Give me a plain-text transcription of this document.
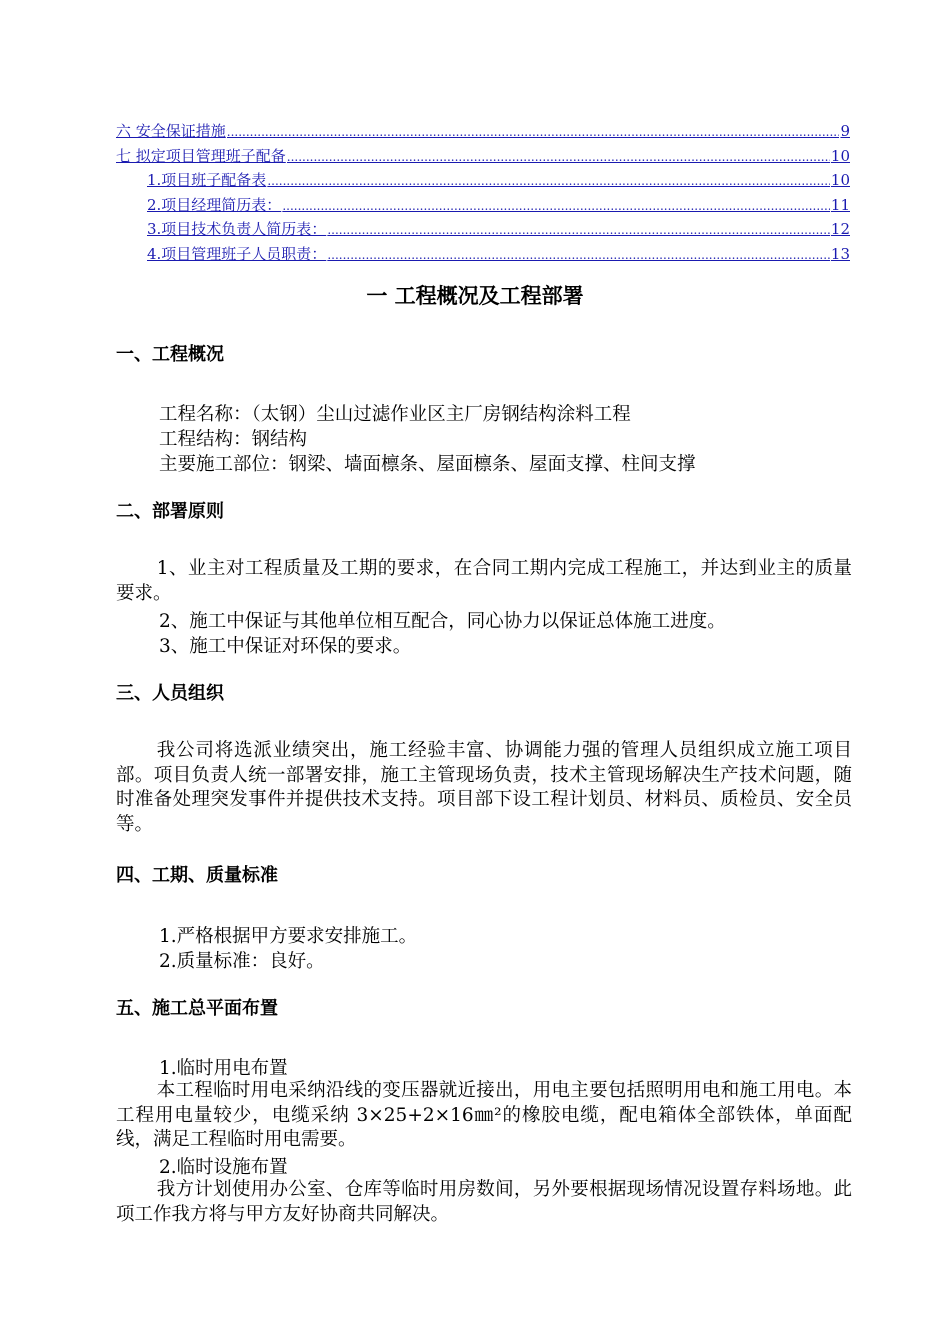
六 安全保证措施 .....	9
七 拟定项目管理班子配备 .....	10
1.项目班子配备表 .....	10
2.项目经理简历表： .....	11
3.项目技术负责人简历表： .....	12
4.项目管理班子人员职责： .....	13
一 工程概况及工程部署
一、工程概况
工程名称：（太钢）尘山过滤作业区主厂房钢结构涂料工程
工程结构：钢结构
主要施工部位：钢梁、墙面檩条、屋面檩条、屋面支撑、柱间支撑
二、部署原则

1、业主对工程质量及工期的要求，在合同工期内完成工程施工，并达到业主的质量要求。

2、施工中保证与其他单位相互配合，同心协力以保证总体施工进度。
3、施工中保证对环保的要求。
三、人员组织

我公司将选派业绩突出，施工经验丰富、协调能力强的管理人员组织成立施工项目部。项目负责人统一部署安排，施工主管现场负责，技术主管现场解决生产技术问题，随时准备处理突发事件并提供技术支持。项目部下设工程计划员、材料员、质检员、安全员等。

四、工期、质量标准
1.严格根据甲方要求安排施工。
2.质量标准：良好。
五、施工总平面布置
1.临时用电布置

本工程临时用电采纳沿线的变压器就近接出，用电主要包括照明用电和施工用电。本工程用电量较少，电缆采纳 3×25+2×16㎜²的橡胶电缆，配电箱体全部铁体，单面配线，满足工程临时用电需要。

2.临时设施布置

我方计划使用办公室、仓库等临时用房数间，另外要根据现场情况设置存料场地。此项工作我方将与甲方友好协商共同解决。
